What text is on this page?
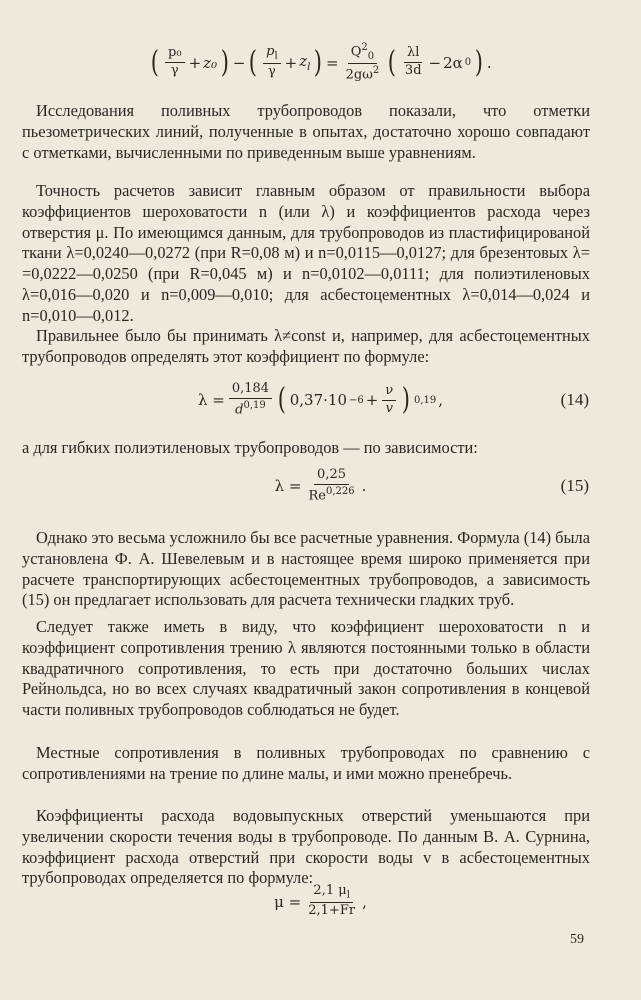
( $\frac{\text{p₀}}{\gamma} + z_0$ ) − ( $\frac{p_l}{\gamma} + z_l$ ) = $\frac{Q^2_0}{2g\omega^2}$ ( $\frac{\lambda l}{3d} - 2\alpha$ 0 ) .

Исследования поливных трубопроводов показали, что отметки пьезометрических линий, полученные в опытах, достаточно хорошо совпадают с отметками, вычисленными по приведенным выше уравнениям.

Точность расчетов зависит главным образом от правильности выбора коэффициентов шероховатости n (или λ) и коэффициентов расхода через отверстия μ. По имеющимся данным, для трубопроводов из пластифицированой ткани λ=0,0240—0,0272 (при R=0,08 м) и n=0,0115—0,0127; для брезентовых λ= =0,0222—0,0250 (при R=0,045 м) и n=0,0102—0,0111; для полиэтиленовых λ=0,016—0,020 и n=0,009—0,010; для асбестоцементных λ=0,014—0,024 и n=0,010—0,012.

Правильнее было бы принимать λ≠const и, например, для асбестоцементных трубопроводов определять этот коэффициент по формуле:

$\lambda = \frac{0,184}{d^{0,19}}$ ( $0,37\cdot 10 -6 + \frac{\nu}{v}$ ) 0,19 ,	(14)

а для гибких полиэтиленовых трубопроводов — по зависимости:

$\lambda = \frac{0,25}{Re^{0,226}}$ .	(15)

Однако это весьма усложнило бы все расчетные уравнения. Формула (14) была установлена Ф. А. Шевелевым и в настоящее время широко применяется при расчете транспортирующих асбестоцементных трубопроводов, а зависимость (15) он предлагает использовать для расчета технически гладких труб.

Следует также иметь в виду, что коэффициент шероховатости n и коэффициент сопротивления трению λ являются постоянными только в области квадратичного сопротивления, то есть при достаточно больших числах Рейнольдса, но во всех случаях квадратичный закон сопротивления в концевой части поливных трубопроводов соблюдаться не будет.

Местные сопротивления в поливных трубопроводах по сравнению с сопротивлениями на трение по длине малы, и ими можно пренебречь.

Коэффициенты расхода водовыпускных отверстий уменьшаются при увеличении скорости течения воды в трубопроводе. По данным В. А. Сурнина, коэффициент расхода отверстий при скорости воды v в асбестоцементных трубопроводах определяется по формуле:

$\mu = \frac{2,1 \mu_l}{2,1+Fr}$ ,
59
